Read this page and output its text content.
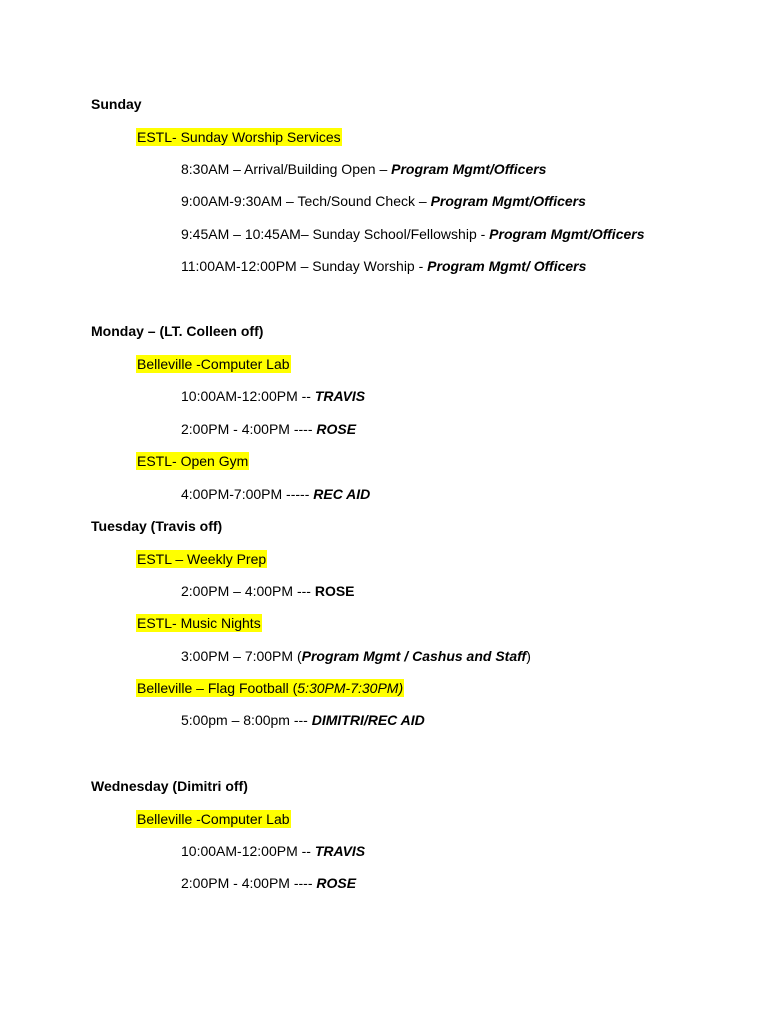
Sunday
ESTL- Sunday Worship Services
8:30AM – Arrival/Building Open – Program Mgmt/Officers
9:00AM-9:30AM – Tech/Sound Check – Program Mgmt/Officers
9:45AM – 10:45AM– Sunday School/Fellowship - Program Mgmt/Officers
11:00AM-12:00PM – Sunday Worship - Program Mgmt/ Officers
Monday – (LT. Colleen off)
Belleville -Computer Lab
10:00AM-12:00PM -- TRAVIS
2:00PM - 4:00PM ---- ROSE
ESTL- Open Gym
4:00PM-7:00PM ----- REC AID
Tuesday (Travis off)
ESTL – Weekly Prep
2:00PM – 4:00PM --- ROSE
ESTL- Music Nights
3:00PM – 7:00PM (Program Mgmt / Cashus and Staff)
Belleville – Flag Football (5:30PM-7:30PM)
5:00pm – 8:00pm --- DIMITRI/REC AID
Wednesday (Dimitri off)
Belleville -Computer Lab
10:00AM-12:00PM -- TRAVIS
2:00PM - 4:00PM ---- ROSE
